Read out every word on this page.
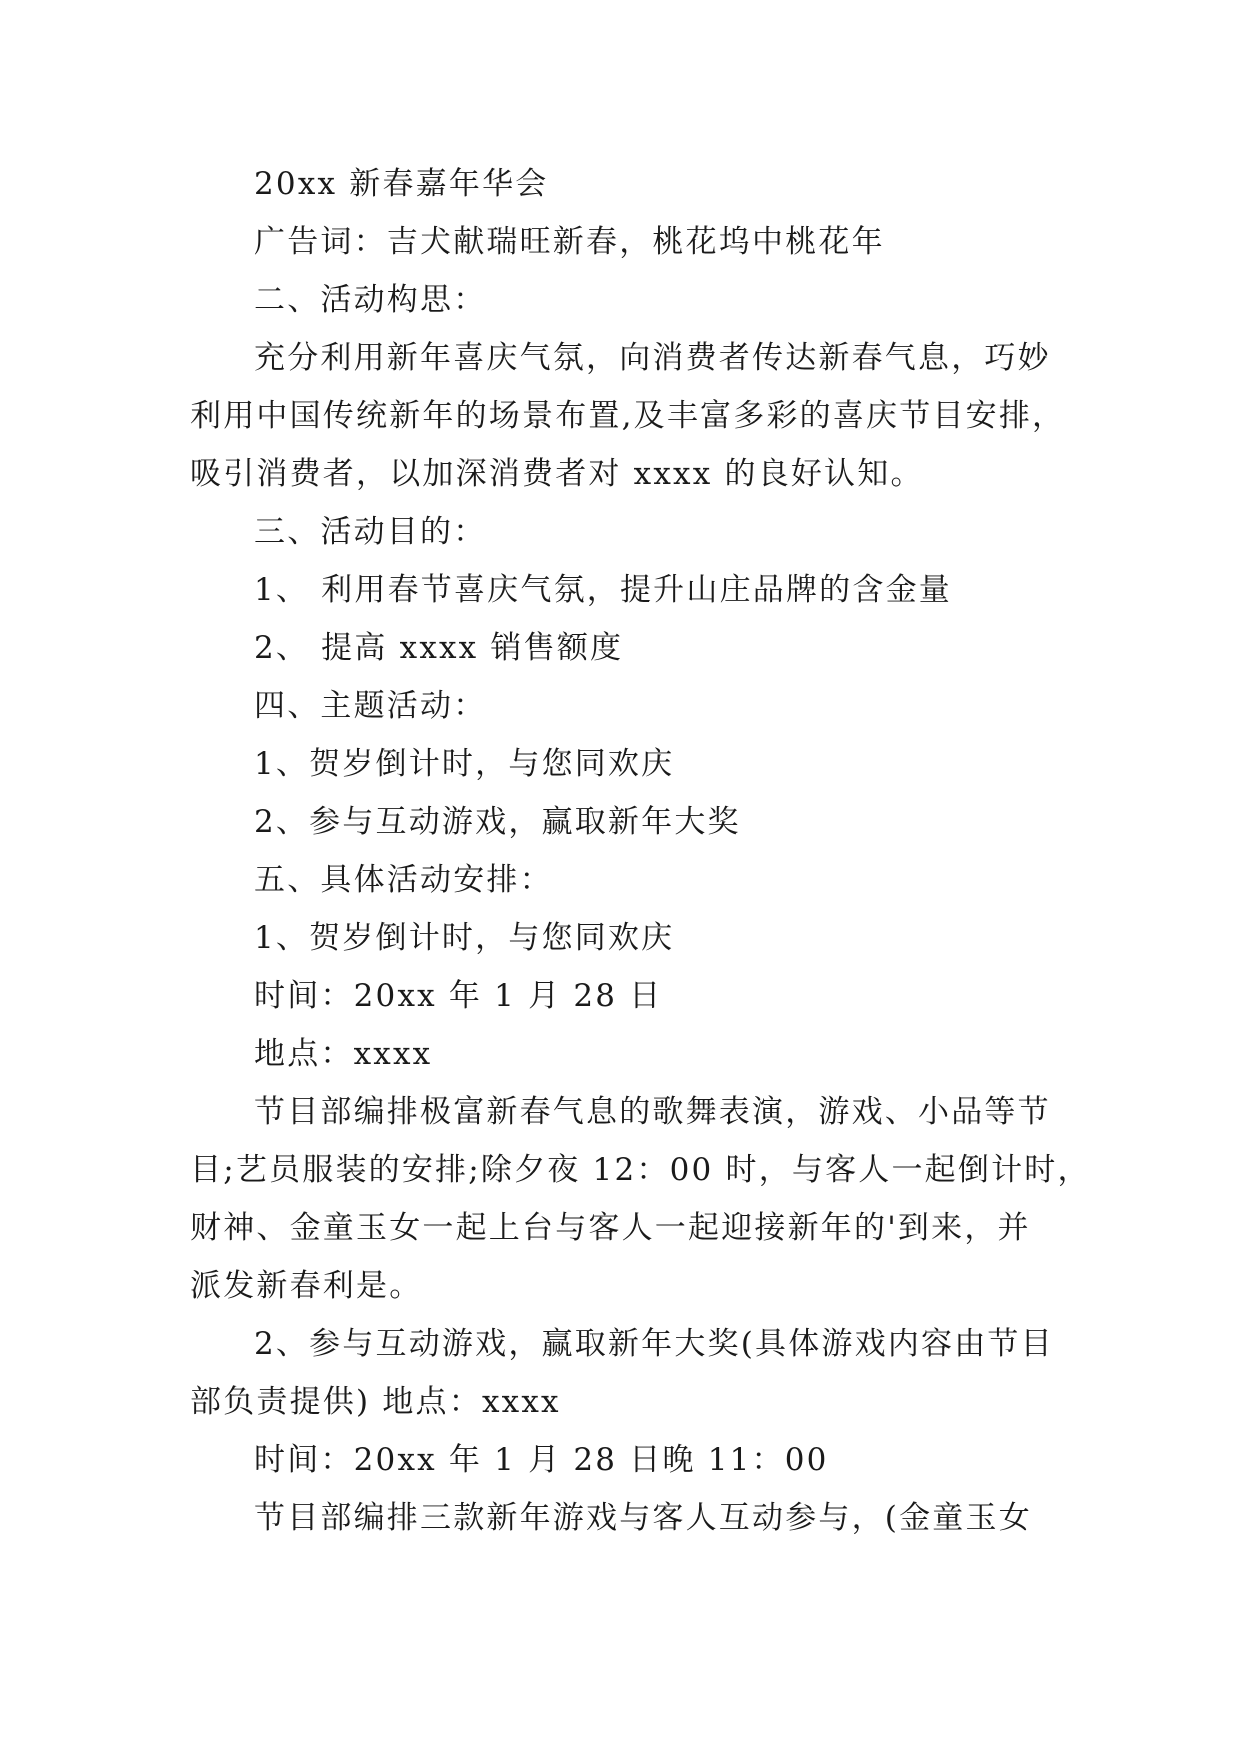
20xx 新春嘉年华会
广告词：吉犬献瑞旺新春，桃花坞中桃花年
二、活动构思：
充分利用新年喜庆气氛，向消费者传达新春气息，巧妙
利用中国传统新年的场景布置,及丰富多彩的喜庆节目安排，
吸引消费者，以加深消费者对 xxxx 的良好认知。
三、活动目的：
1、 利用春节喜庆气氛，提升山庄品牌的含金量
2、 提高 xxxx 销售额度
四、主题活动：
1、贺岁倒计时，与您同欢庆
2、参与互动游戏，赢取新年大奖
五、具体活动安排：
1、贺岁倒计时，与您同欢庆
时间：20xx 年 1 月 28 日
地点：xxxx
节目部编排极富新春气息的歌舞表演，游戏、小品等节
目;艺员服装的安排;除夕夜 12：00 时，与客人一起倒计时，
财神、金童玉女一起上台与客人一起迎接新年的'到来，并
派发新春利是。
2、参与互动游戏，赢取新年大奖(具体游戏内容由节目
部负责提供) 地点：xxxx
时间：20xx 年 1 月 28 日晚 11：00
节目部编排三款新年游戏与客人互动参与，(金童玉女
